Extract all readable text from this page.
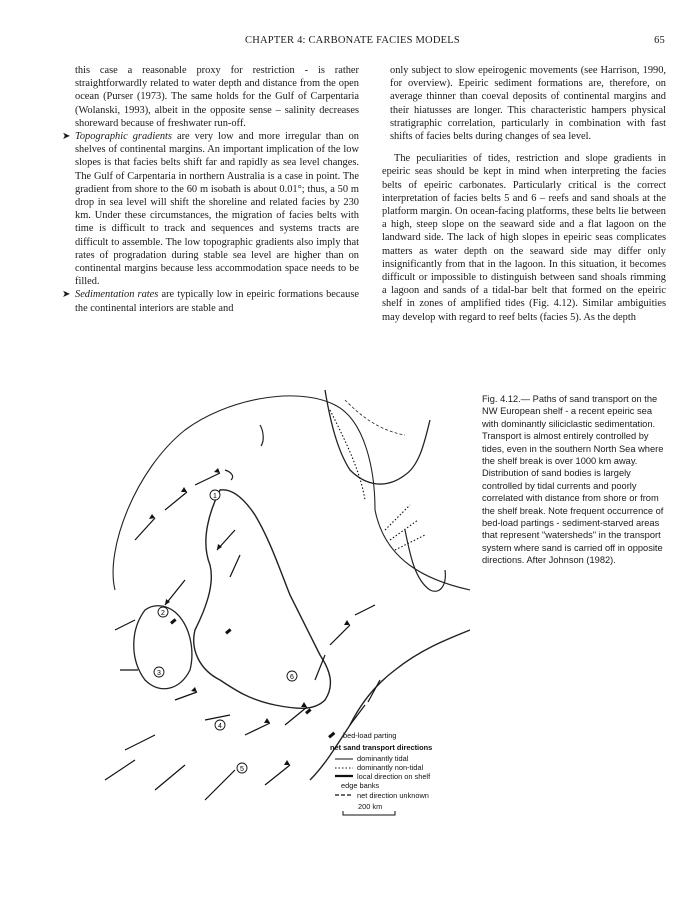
CHAPTER 4: CARBONATE FACIES MODELS	65

this case a reasonable proxy for restriction - is rather straightforwardly related to water depth and distance from the open ocean (Purser (1973). The same holds for the Gulf of Carpentaria (Wolanski, 1993), albeit in the opposite sense – salinity decreases shoreward because of freshwater run-off.

➤ Topographic gradients are very low and more irregular than on shelves of continental margins. An important implication of the low slopes is that facies belts shift far and rapidly as sea level changes. The Gulf of Carpentaria in northern Australia is a case in point. The gradient from shore to the 60 m isobath is about 0.01°; thus, a 50 m drop in sea level will shift the shoreline and related facies by 230 km. Under these circumstances, the migration of facies belts with time is difficult to track and sequences and systems tracts are difficult to assemble. The low topographic gradients also imply that rates of progradation during stable sea level are higher than on continental margins because less accommodation space needs to be filled.

➤ Sedimentation rates are typically low in epeiric formations because the continental interiors are stable and

only subject to slow epeirogenic movements (see Harrison, 1990, for overview). Epeiric sediment formations are, therefore, on average thinner than coeval deposits of continental margins and their hiatusses are longer. This characteristic hampers physical stratigraphic correlation, particularly in combination with fast shifts of facies belts during changes of sea level.

The peculiarities of tides, restriction and slope gradients in epeiric seas should be kept in mind when interpreting the facies belts of epeiric carbonates. Particularly critical is the correct interpretation of facies belts 5 and 6 – reefs and sand shoals at the platform margin. On ocean-facing platforms, these belts lie between a high, steep slope on the seaward side and a flat lagoon on the landward side. The lack of high slopes in epeiric seas complicates matters as water depth on the seaward side may differ only insignificantly from that in the lagoon. In this situation, it becomes difficult or impossible to distinguish between sand shoals rimming a lagoon and sands of a tidal-bar belt that formed on the epeiric shelf in zones of amplified tides (Fig. 4.12). Similar ambiguities may develop with regard to reef belts (facies 5). As the depth

1
2
3
4
5
6
bed-load parting
net sand transport directions
dominantly tidal
dominantly non-tidal
local direction on shelf
edge banks
net direction unknown
200 km

Fig. 4.12.— Paths of sand transport on the NW European shelf - a recent epeiric sea with dominantly siliciclastic sedimentation. Transport is almost entirely controlled by tides, even in the southern North Sea where the shelf break is over 1000 km away. Distribution of sand bodies is largely controlled by tidal currents and poorly correlated with distance from shore or from the shelf break. Note frequent occurrence of bed-load partings - sediment-starved areas that represent "watersheds" in the transport system where sand is carried off in opposite directions. After Johnson (1982).
